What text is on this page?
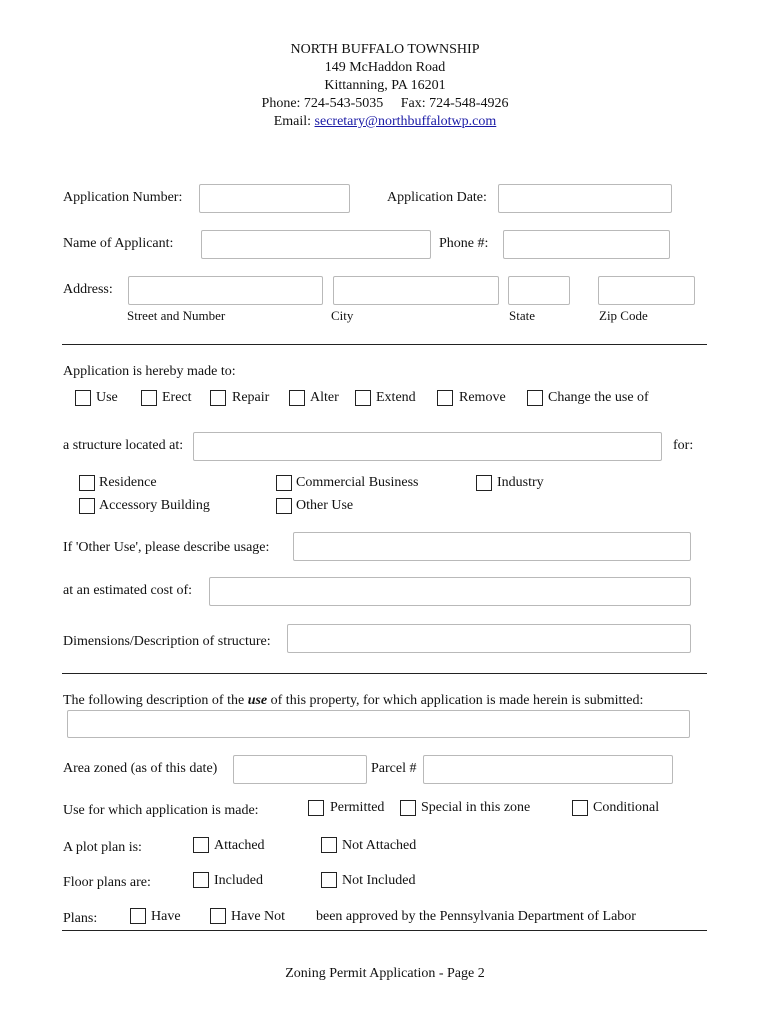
NORTH BUFFALO TOWNSHIP
149 McHaddon Road
Kittanning, PA 16201
Phone: 724-543-5035     Fax: 724-548-4926
Email: secretary@northbuffalotwp.com
Application Number:	Application Date:
Name of Applicant:	Phone #:
Address:
Street and Number	City	State	Zip Code
Application is hereby made to:
Use	Erect	Repair	Alter	Extend	Remove	Change the use of
a structure located at:	for:
Residence	Commercial Business	Industry
Accessory Building	Other Use
If 'Other Use', please describe usage:
at an estimated cost of:
Dimensions/Description of structure:
The following description of the use of this property, for which application is made herein is submitted:
Area zoned (as of this date)	Parcel #
Use for which application is made:	Permitted	Special in this zone	Conditional
A plot plan is:	Attached	Not Attached
Floor plans are:	Included	Not Included
Plans:	Have	Have Not been approved by the Pennsylvania Department of Labor
Zoning Permit Application - Page 2
